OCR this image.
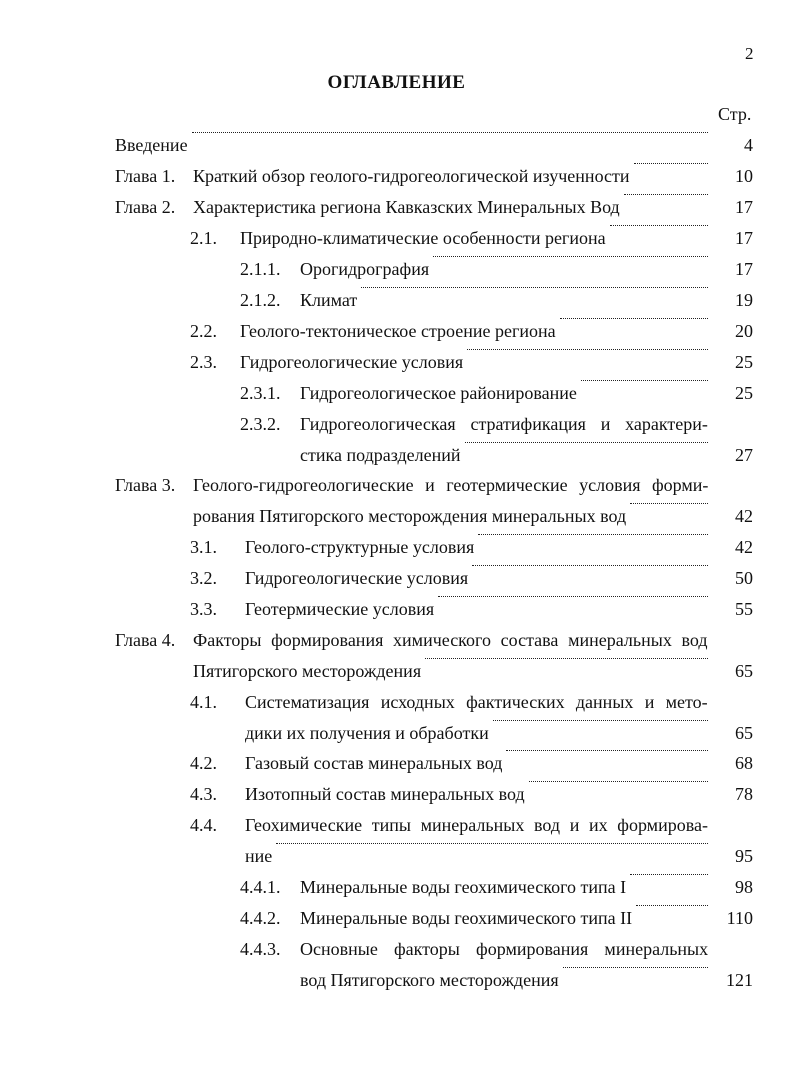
2
ОГЛАВЛЕНИЕ
Стр.
Введение	4
Глава 1. Краткий обзор геолого-гидрогеологической изученности	10
Глава 2. Характеристика региона Кавказских Минеральных Вод	17
2.1. Природно-климатические особенности региона	17
2.1.1. Орогидрография	17
2.1.2. Климат	19
2.2. Геолого-тектоническое строение региона	20
2.3. Гидрогеологические условия	25
2.3.1. Гидрогеологическое районирование	25
2.3.2. Гидрогеологическая стратификация и характери-
стика подразделений	27
Глава 3. Геолого-гидрогеологические и геотермические условия форми-
рования Пятигорского месторождения минеральных вод	42
3.1. Геолого-структурные условия	42
3.2. Гидрогеологические условия	50
3.3. Геотермические условия	55
Глава 4. Факторы формирования химического состава минеральных вод
Пятигорского месторождения	65
4.1. Систематизация исходных фактических данных и мето-
дики их получения и обработки	65
4.2. Газовый состав минеральных вод	68
4.3. Изотопный состав минеральных вод	78
4.4. Геохимические типы минеральных вод и их формирова-
ние	95
4.4.1. Минеральные воды геохимического типа I	98
4.4.2. Минеральные воды геохимического типа II	110
4.4.3. Основные факторы формирования минеральных
вод Пятигорского месторождения	121
